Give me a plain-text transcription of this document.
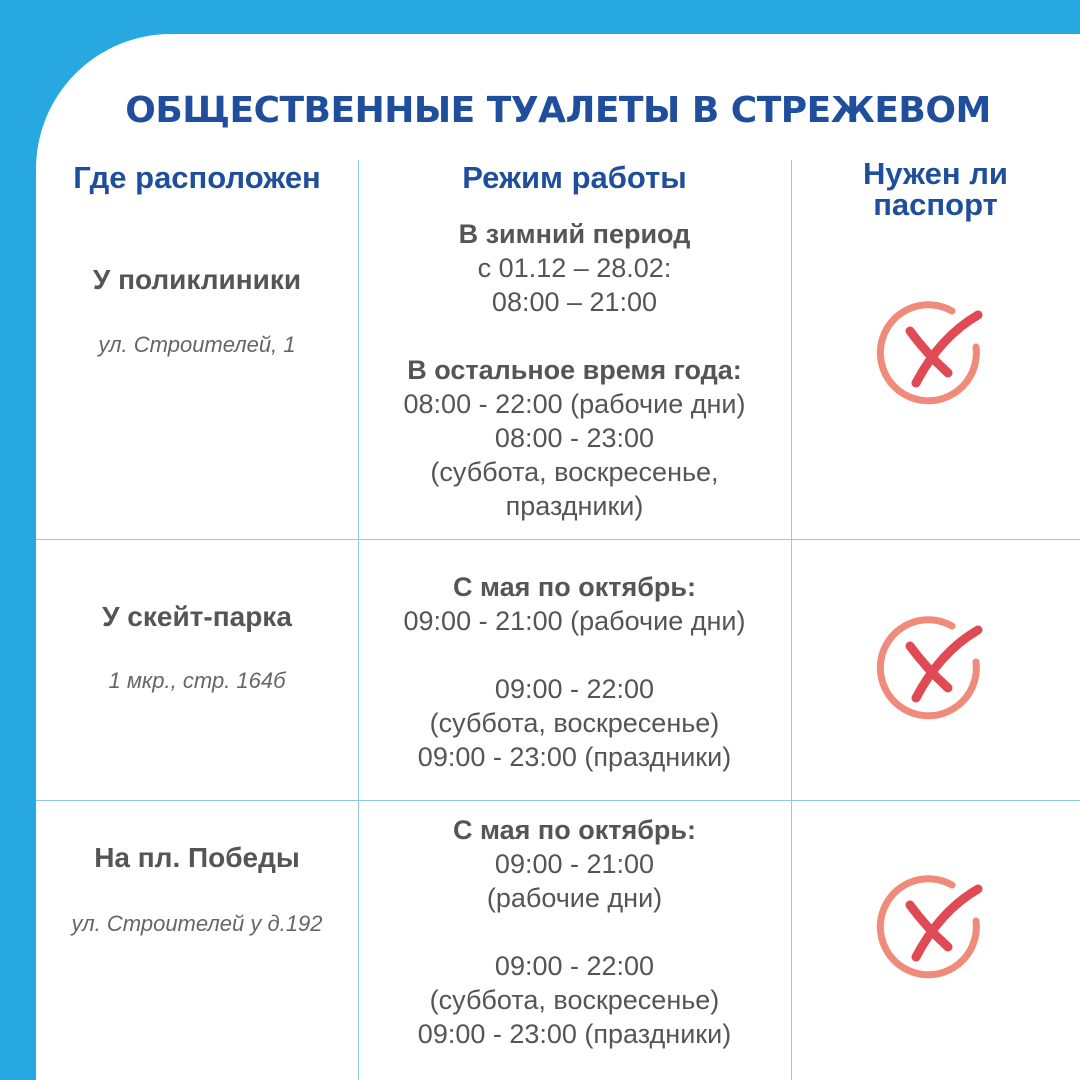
ОБЩЕСТВЕННЫЕ ТУАЛЕТЫ В СТРЕЖЕВОМ
Где расположен	Режим работы	Нужен ли
паспорт
У поликлиники
ул. Строителей, 1
В зимний период
с 01.12 – 28.02:
08:00 – 21:00
В остальное время года:
08:00 - 22:00 (рабочие дни)
08:00 - 23:00
(суббота, воскресенье,
праздники)
У скейт-парка
1 мкр., стр. 164б
С мая по октябрь:
09:00 - 21:00 (рабочие дни)
09:00 - 22:00
(суббота, воскресенье)
09:00 - 23:00 (праздники)
На пл. Победы
ул. Строителей у д.192
С мая по октябрь:
09:00 - 21:00
(рабочие дни)
09:00 - 22:00
(суббота, воскресенье)
09:00 - 23:00 (праздники)
